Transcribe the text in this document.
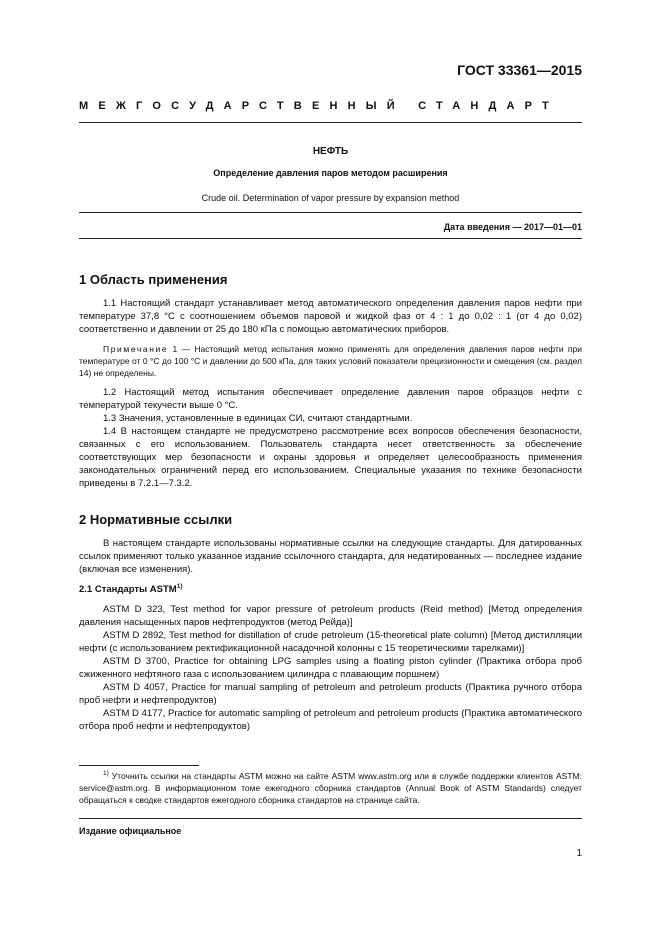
ГОСТ 33361—2015
МЕЖГОСУДАРСТВЕННЫЙ СТАНДАРТ
НЕФТЬ
Определение давления паров методом расширения
Crude oil. Determination of vapor pressure by expansion method
Дата введения — 2017—01—01
1 Область применения

1.1 Настоящий стандарт устанавливает метод автоматического определения давления паров нефти при температуре 37,8 °С с соотношением объемов паровой и жидкой фаз от 4 : 1 до 0,02 : 1 (от 4 до 0,02) соответственно и давлении от 25 до 180 кПа с помощью автоматических приборов.

Примечание 1 — Настоящий метод испытания можно применять для определения давления паров нефти при температуре от 0 °С до 100 °С и давлении до 500 кПа, для таких условий показатели прецизионности и смещения (см. раздел 14) не определены.

1.2 Настоящий метод испытания обеспечивает определение давления паров образцов нефти с температурой текучести выше 0 °С.

1.3 Значения, установленные в единицах СИ, считают стандартными.

1.4 В настоящем стандарте не предусмотрено рассмотрение всех вопросов обеспечения безопасности, связанных с его использованием. Пользователь стандарта несет ответственность за обеспечение соответствующих мер безопасности и охраны здоровья и определяет целесообразность применения законодательных ограничений перед его использованием. Специальные указания по технике безопасности приведены в 7.2.1—7.3.2.

2 Нормативные ссылки

В настоящем стандарте использованы нормативные ссылки на следующие стандарты. Для датированных ссылок применяют только указанное издание ссылочного стандарта, для недатированных — последнее издание (включая все изменения).

2.1 Стандарты ASTM$^{1)}$

ASTM D 323, Test method for vapor pressure of petroleum products (Reid method) [Метод определения давления насыщенных паров нефтепродуктов (метод Рейда)]

ASTM D 2892, Test method for distillation of crude petroleum (15-theoretical plate column) [Метод дистилляции нефти (с использованием ректификационной насадочной колонны с 15 теоретическими тарелками)]

ASTM D 3700, Practice for obtaining LPG samples using a floating piston cylinder (Практика отбора проб сжиженного нефтяного газа с использованием цилиндра с плавающим поршнем)

ASTM D 4057, Practice for manual sampling of petroleum and petroleum products (Практика ручного отбора проб нефти и нефтепродуктов)

ASTM D 4177, Practice for automatic sampling of petroleum and petroleum products (Практика автоматического отбора проб нефти и нефтепродуктов)

$^{1)}$ Уточнить ссылки на стандарты ASTM можно на сайте ASTM www.astm.org или в службе поддержки клиентов ASTM: service@astm.org. В информационном томе ежегодного сборника стандартов (Annual Book of ASTM Standards) следует обращаться к сводке стандартов ежегодного сборника стандартов на странице сайта.

Издание официальное
1
